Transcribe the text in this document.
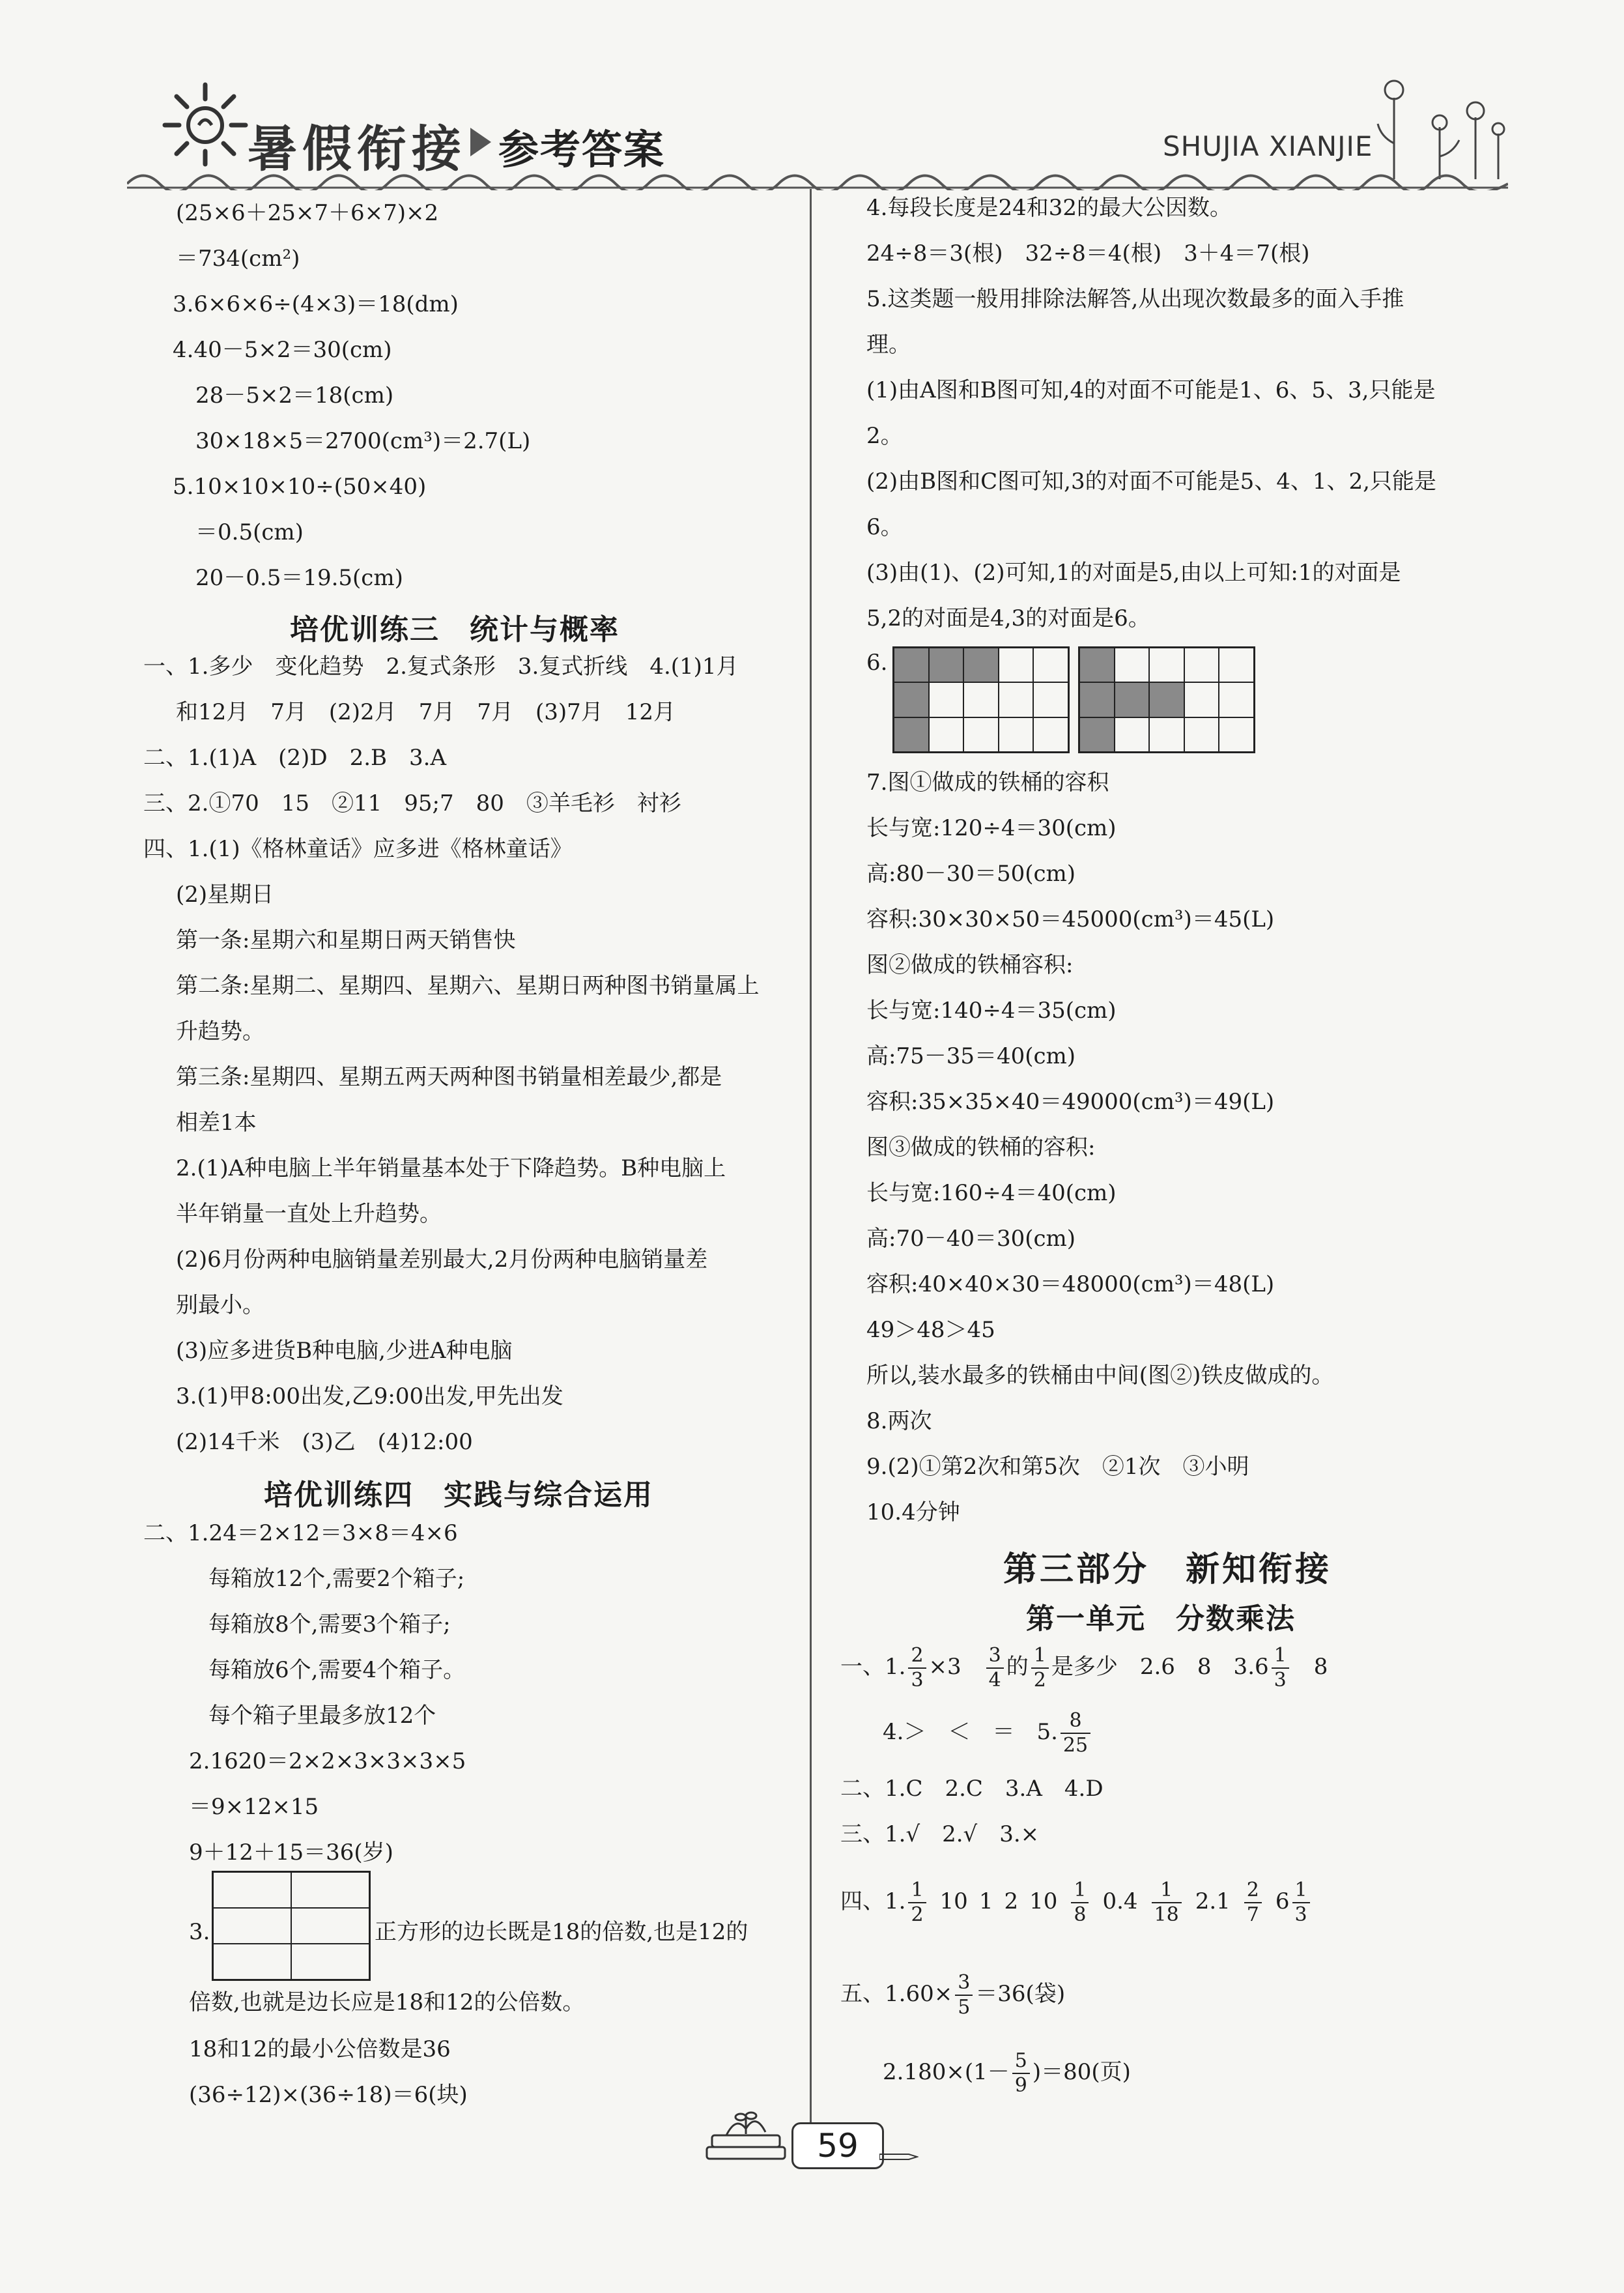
暑假衔接 参考答案	SHUJIA XIANJIE
(25×6＋25×7＋6×7)×2
＝734(cm²)
3.6×6×6÷(4×3)＝18(dm)
4.40－5×2＝30(cm)
28－5×2＝18(cm)
30×18×5＝2700(cm³)＝2.7(L)
5.10×10×10÷(50×40)
＝0.5(cm)
20－0.5＝19.5(cm)
培优训练三　统计与概率
一、1.多少　变化趋势　2.复式条形　3.复式折线　4.(1)1月
和12月　7月　(2)2月　7月　7月　(3)7月　12月
二、1.(1)A　(2)D　2.B　3.A
三、2.①70　15　②11　95;7　80　③羊毛衫　衬衫
四、1.(1)《格林童话》应多进《格林童话》
(2)星期日
第一条:星期六和星期日两天销售快
第二条:星期二、星期四、星期六、星期日两种图书销量属上
升趋势。
第三条:星期四、星期五两天两种图书销量相差最少,都是
相差1本
2.(1)A种电脑上半年销量基本处于下降趋势。B种电脑上
半年销量一直处上升趋势。
(2)6月份两种电脑销量差别最大,2月份两种电脑销量差
别最小。
(3)应多进货B种电脑,少进A种电脑
3.(1)甲8:00出发,乙9:00出发,甲先出发
(2)14千米　(3)乙　(4)12:00
培优训练四　实践与综合运用
二、1.24＝2×12＝3×8＝4×6
每箱放12个,需要2个箱子;
每箱放8个,需要3个箱子;
每箱放6个,需要4个箱子。
每个箱子里最多放12个
2.1620＝2×2×3×3×3×5
＝9×12×15
9＋12＋15＝36(岁)
3.	正方形的边长既是18的倍数,也是12的
倍数,也就是边长应是18和12的公倍数。
18和12的最小公倍数是36
(36÷12)×(36÷18)＝6(块)
4.每段长度是24和32的最大公因数。
24÷8＝3(根)　32÷8＝4(根)　3＋4＝7(根)
5.这类题一般用排除法解答,从出现次数最多的面入手推
理。
(1)由A图和B图可知,4的对面不可能是1、6、5、3,只能是
2。
(2)由B图和C图可知,3的对面不可能是5、4、1、2,只能是
6。
(3)由(1)、(2)可知,1的对面是5,由以上可知:1的对面是
5,2的对面是4,3的对面是6。
6.
7.图①做成的铁桶的容积
长与宽:120÷4＝30(cm)
高:80－30＝50(cm)
容积:30×30×50＝45000(cm³)＝45(L)
图②做成的铁桶容积:
长与宽:140÷4＝35(cm)
高:75－35＝40(cm)
容积:35×35×40＝49000(cm³)＝49(L)
图③做成的铁桶的容积:
长与宽:160÷4＝40(cm)
高:70－40＝30(cm)
容积:40×40×30＝48000(cm³)＝48(L)
49＞48＞45
所以,装水最多的铁桶由中间(图②)铁皮做成的。
8.两次
9.(2)①第2次和第5次　②1次　③小明
10.4分钟
第三部分　新知衔接
第一单元　分数乘法
一、1. $\frac{2}{3} \times 3$  $\frac{3}{4}$ 的 $\frac{1}{2}$ 是多少　2.6　8　$3.6 \frac{1}{3}$
  8
4.＞　＜　＝　5. $\frac{8}{25}$
二、1.C　2.C　3.A　4.D
三、1.√　2.√　3.×
四、1. $\frac{1}{2}$
  10  1  2  10  $\frac{1}{8}$
  0.4  $\frac{1}{18}$
  2.1  $\frac{2}{7}$
  $6 \frac{1}{3}$
五、$1.60\times \frac{3}{5} =36$(袋)
$2.180\times(1- \frac{5}{9} )=80$(页)
59
